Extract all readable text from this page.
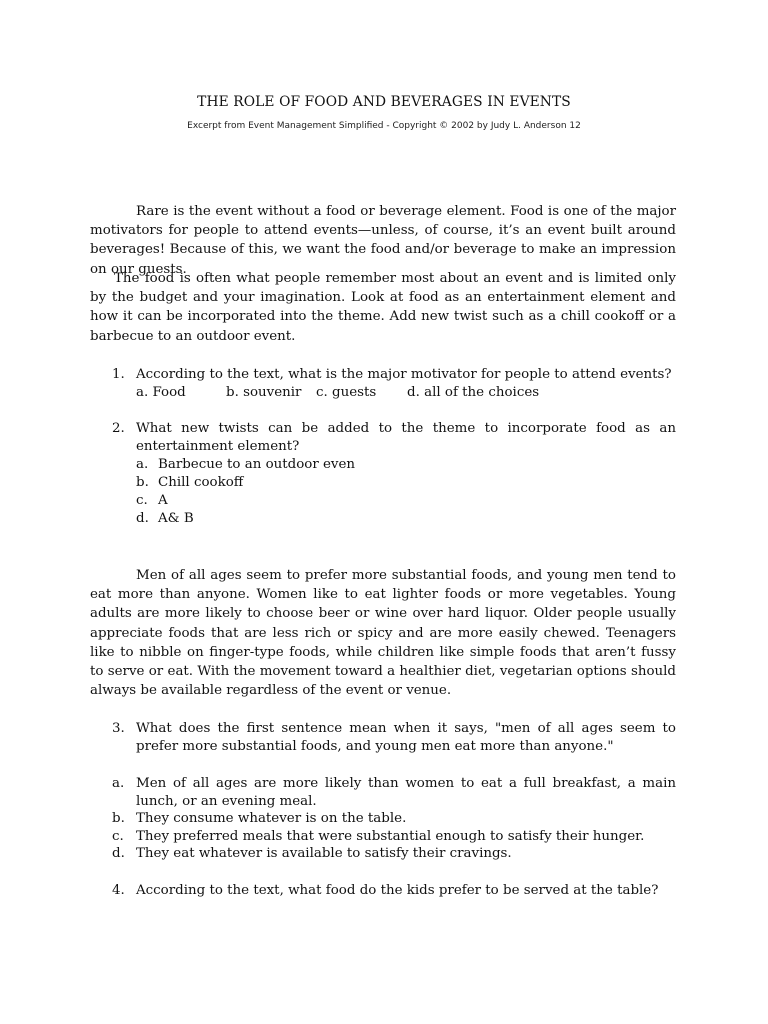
THE ROLE OF FOOD AND BEVERAGES IN EVENTS
Excerpt from Event Management Simplified - Copyright © 2002 by Judy L. Anderson 12

Rare is the event without a food or beverage element. Food is one of the major motivators for people to attend events—unless, of course, it’s an event built around beverages! Because of this, we want the food and/or beverage to make an impression on our guests.

The food is often what people remember most about an event and is limited only by the budget and your imagination. Look at food as an entertainment element and how it can be incorporated into the theme. Add new twist such as a chill cookoff or a barbecue to an outdoor event.

1. According to the text, what is the major motivator for people to attend events?
a. Food	b. souvenir c. guests d. all of the choices
2. What new twists can be added to the theme to incorporate food as an entertainment element?
a. Barbecue to an outdoor even
b. Chill cookoff
c. A
d. A& B

Men of all ages seem to prefer more substantial foods, and young men tend to eat more than anyone. Women like to eat lighter foods or more vegetables. Young adults are more likely to choose beer or wine over hard liquor. Older people usually appreciate foods that are less rich or spicy and are more easily chewed. Teenagers like to nibble on finger-type foods, while children like simple foods that aren’t fussy to serve or eat. With the movement toward a healthier diet, vegetarian options should always be available regardless of the event or venue.

3. What does the first sentence mean when it says, "men of all ages seem to prefer more substantial foods, and young men eat more than anyone."
a. Men of all ages are more likely than women to eat a full breakfast, a main lunch, or an evening meal.
b. They consume whatever is on the table.
c. They preferred meals that were substantial enough to satisfy their hunger.
d. They eat whatever is available to satisfy their cravings.
4. According to the text, what food do the kids prefer to be served at the table?
